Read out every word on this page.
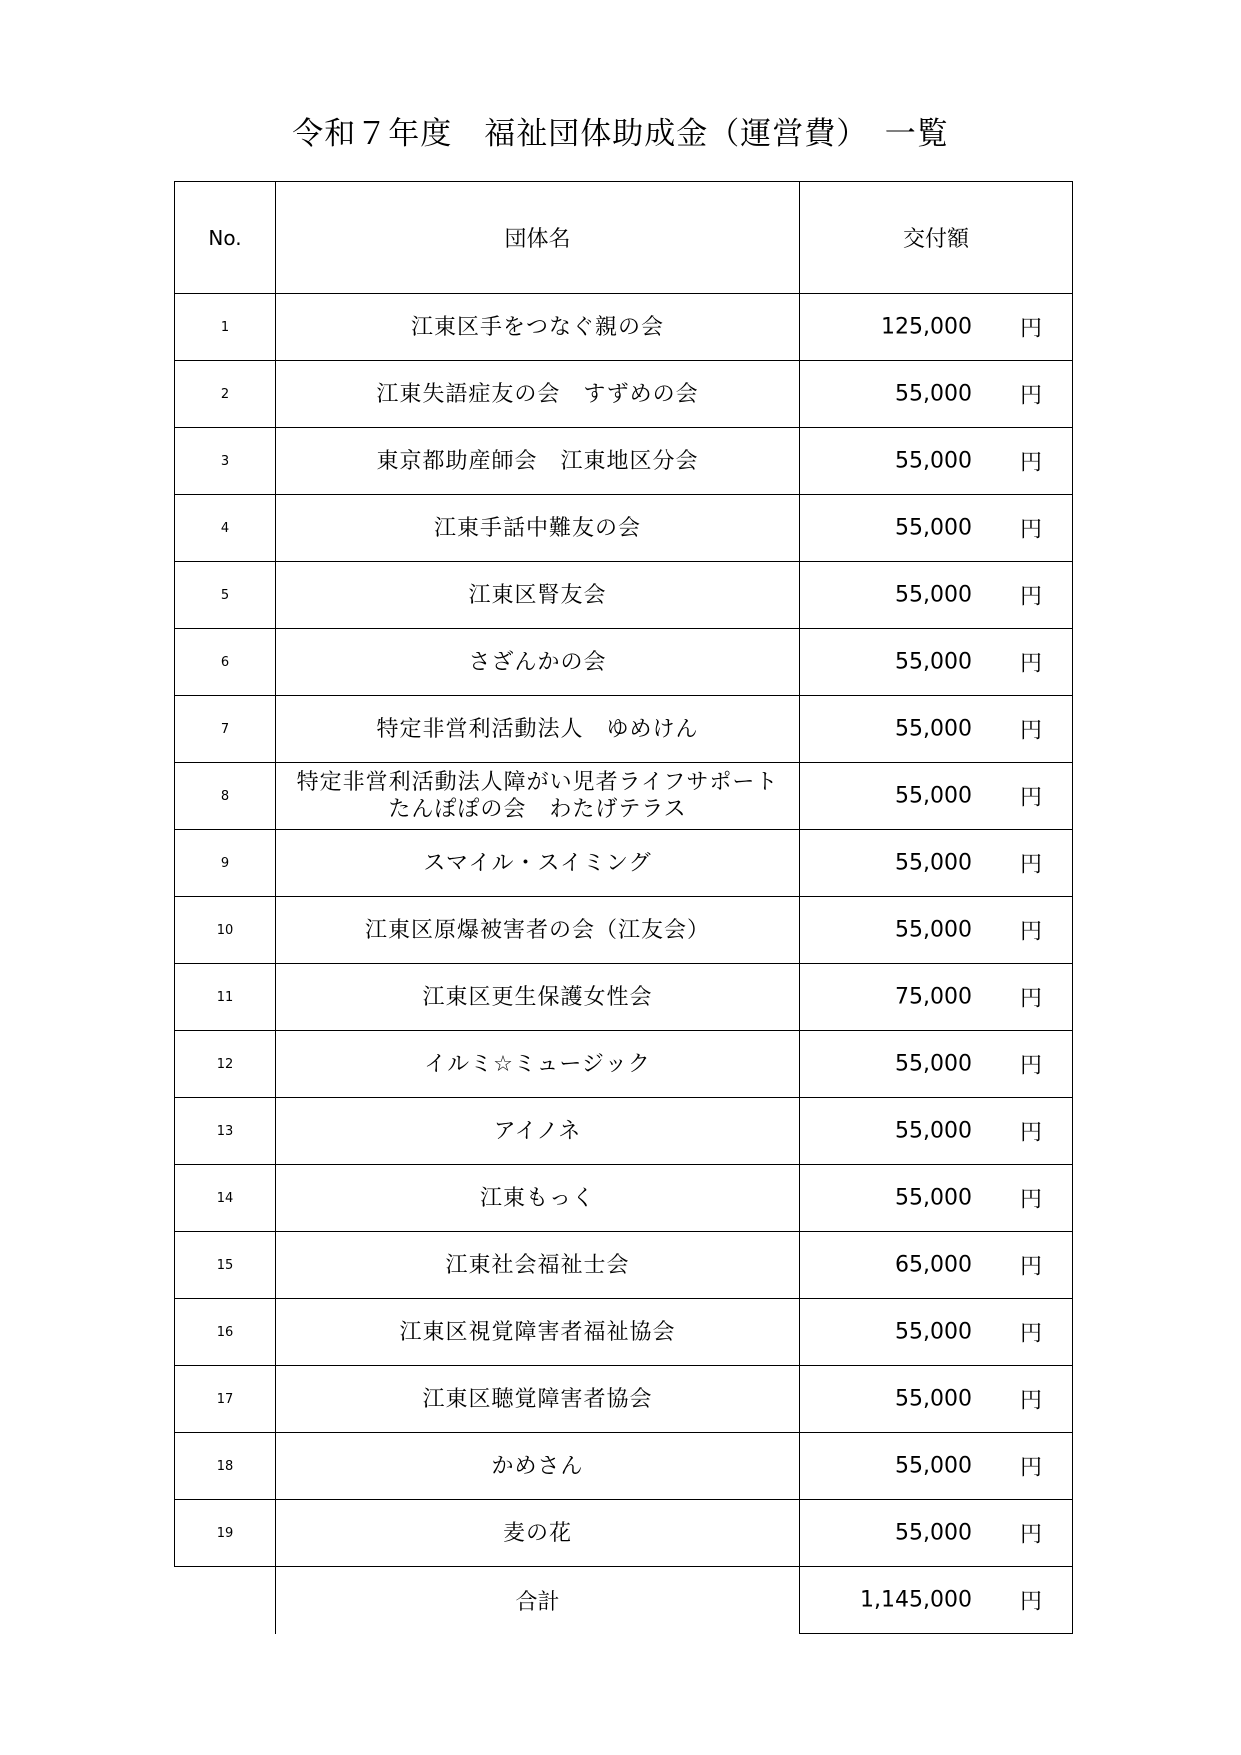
令和７年度　福祉団体助成金（運営費）　一覧
No.	団体名	交付額
1	江東区手をつなぐ親の会	125,000 円

2	江東失語症友の会　すずめの会	55,000 円

3	東京都助産師会　江東地区分会	55,000 円

4	江東手話中難友の会	55,000 円

5	江東区腎友会	55,000 円

6	さざんかの会	55,000 円

7	特定非営利活動法人　ゆめけん	55,000 円

8	特定非営利活動法人障がい児者ライフサポート
たんぽぽの会　わたげテラス	55,000 円

9	スマイル・スイミング	55,000 円

10	江東区原爆被害者の会（江友会）	55,000 円

11	江東区更生保護女性会	75,000 円

12	イルミ☆ミュージック	55,000 円

13	アイノネ	55,000 円

14	江東もっく	55,000 円

15	江東社会福祉士会	65,000 円

16	江東区視覚障害者福祉協会	55,000 円

17	江東区聴覚障害者協会	55,000 円

18	かめさん	55,000 円

19	麦の花	55,000 円

	合計	1,145,000 円
